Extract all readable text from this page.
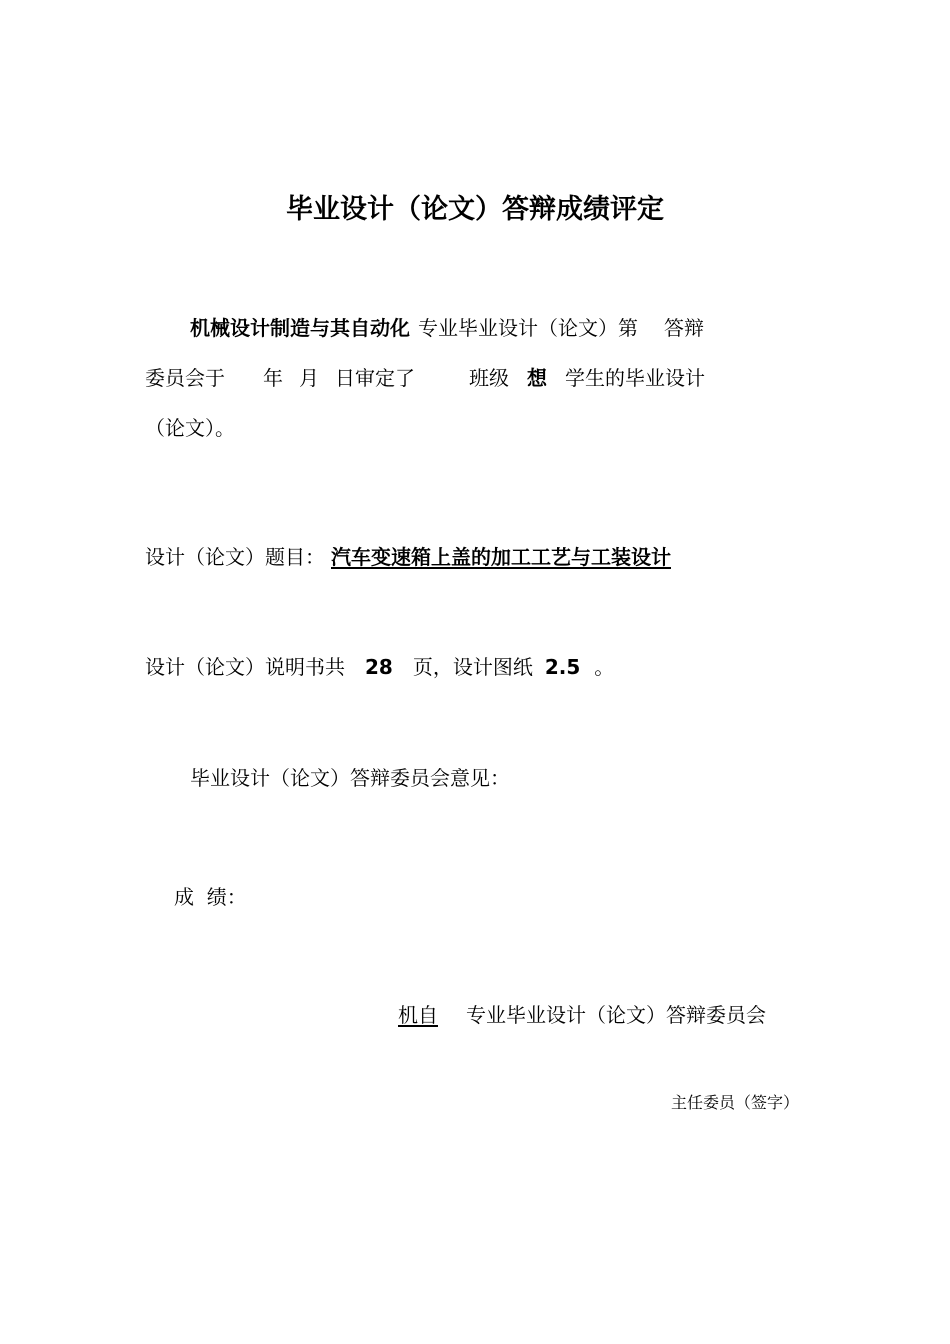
毕业设计（论文）答辩成绩评定
机械设计制造与其自动化 专业毕业设计（论文）第 答辩
委员会于 年 月 日审定了	班级 想 学生的毕业设计
（论文）。
设计（论文）题目： 汽车变速箱上盖的加工工艺与工装设计
设计（论文）说明书共 28 页，设计图纸 2.5 。
毕业设计（论文）答辩委员会意见：
成  绩：
机自 专业毕业设计（论文）答辩委员会
主任委员（签字）
